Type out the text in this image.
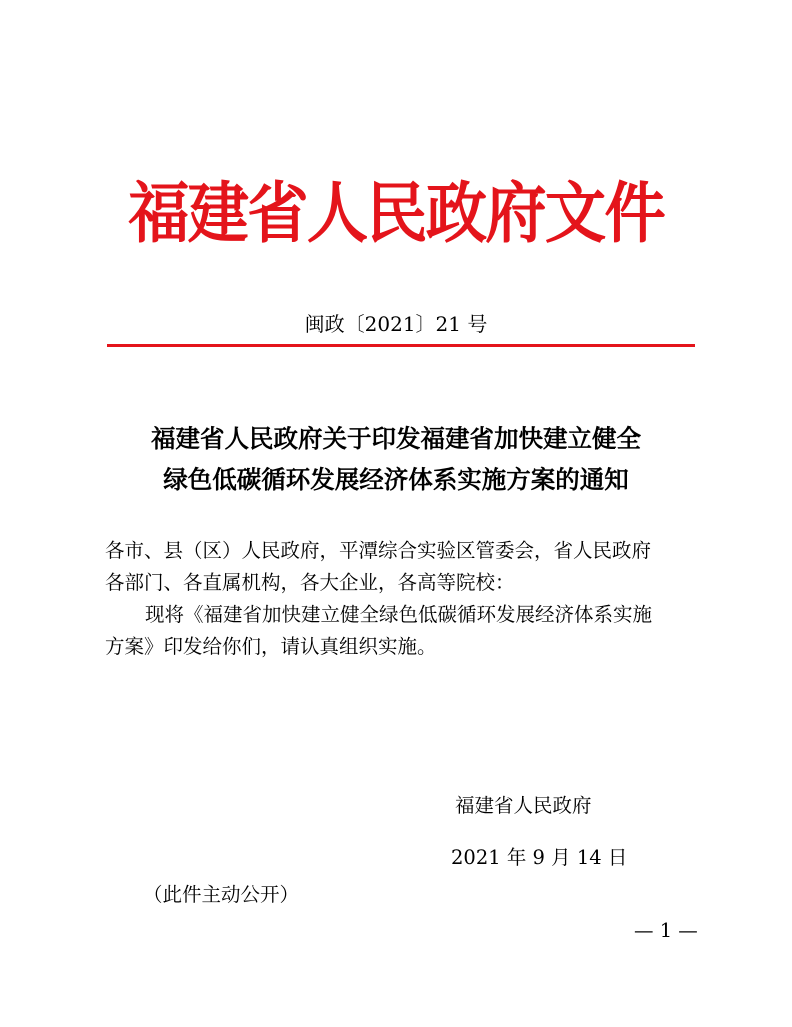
福建省人民政府文件
闽政〔2021〕21 号
福建省人民政府关于印发福建省加快建立健全
绿色低碳循环发展经济体系实施方案的通知
各市、县（区）人民政府，平潭综合实验区管委会，省人民政府
各部门、各直属机构，各大企业，各高等院校：
现将《福建省加快建立健全绿色低碳循环发展经济体系实施
方案》印发给你们，请认真组织实施。
福建省人民政府
2021 年 9 月 14 日
（此件主动公开）
— 1 —
